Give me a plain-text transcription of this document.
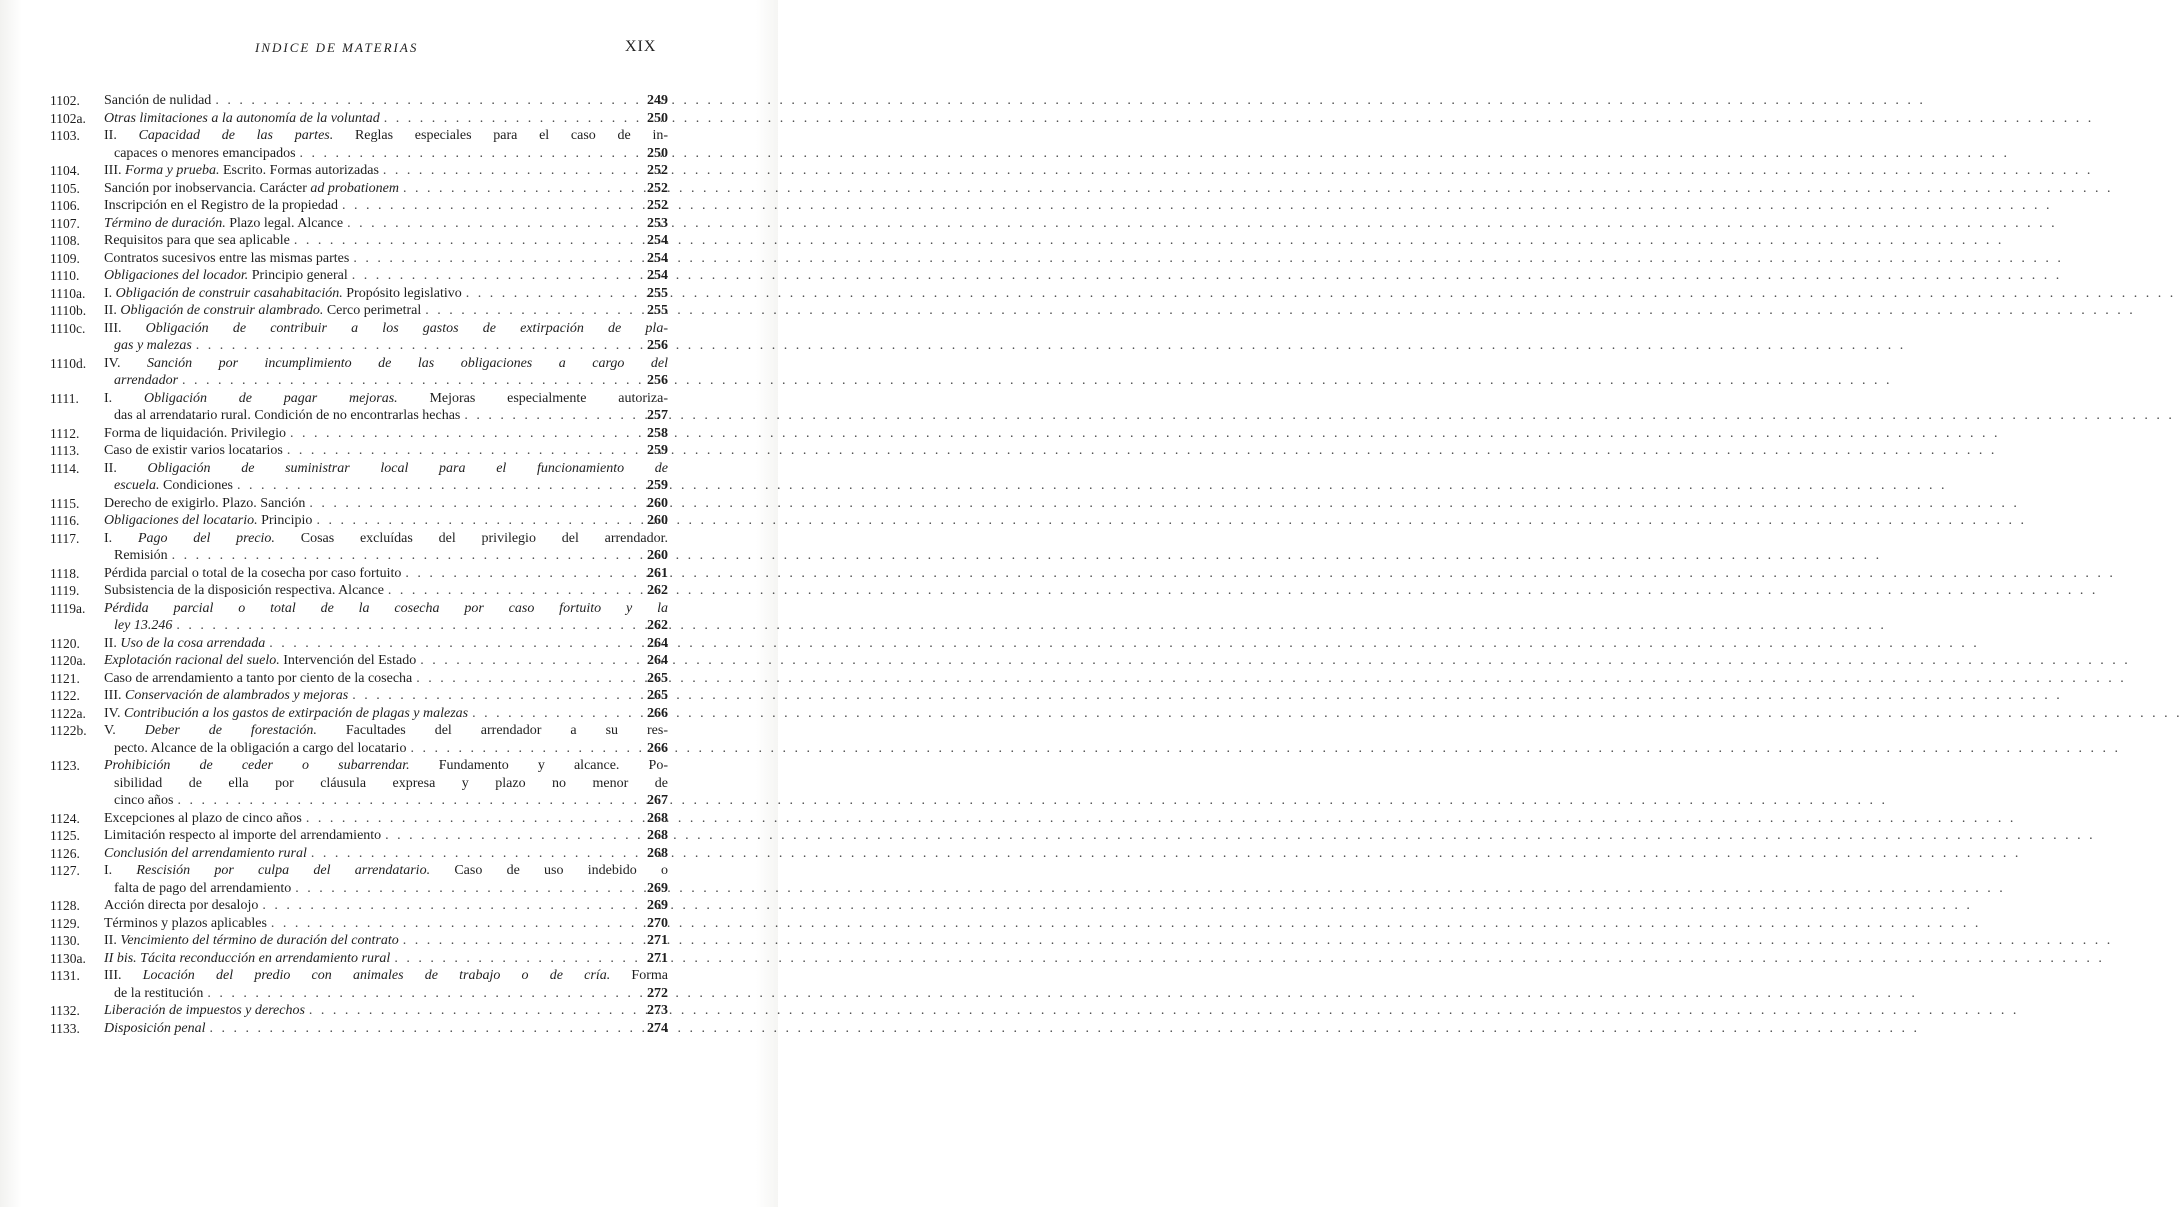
INDICE DE MATERIAS	XIX
1102.	Sanción de nulidad . . .	249
1102a.	Otras limitaciones a la autonomía de la voluntad . . .	250
1103.	II. Capacidad de las partes. Reglas especiales para el caso de in-
capaces o menores emancipados . . .	250
1104.	III. Forma y prueba. Escrito. Formas autorizadas . . .	252
1105.	Sanción por inobservancia. Carácter ad probationem . . .	252
1106.	Inscripción en el Registro de la propiedad . . .	252
1107.	Término de duración. Plazo legal. Alcance . . .	253
1108.	Requisitos para que sea aplicable . . .	254
1109.	Contratos sucesivos entre las mismas partes . . .	254
1110.	Obligaciones del locador. Principio general . . .	254
1110a.	I. Obligación de construir casahabitación. Propósito legislativo . . .	255
1110b.	II. Obligación de construir alambrado. Cerco perimetral . . .	255
1110c.	III. Obligación de contribuir a los gastos de extirpación de pla-
gas y malezas . . .	256
1110d.	IV. Sanción por incumplimiento de las obligaciones a cargo del
arrendador . . .	256
1111.	I. Obligación de pagar mejoras. Mejoras especialmente autoriza-
das al arrendatario rural. Condición de no encontrarlas hechas . . .	257
1112.	Forma de liquidación. Privilegio . . .	258
1113.	Caso de existir varios locatarios . . .	259
1114.	II. Obligación de suministrar local para el funcionamiento de
escuela. Condiciones . . .	259
1115.	Derecho de exigirlo. Plazo. Sanción . . .	260
1116.	Obligaciones del locatario. Principio . . .	260
1117.	I. Pago del precio. Cosas excluídas del privilegio del arrendador.
Remisión . . .	260
1118.	Pérdida parcial o total de la cosecha por caso fortuito . . .	261
1119.	Subsistencia de la disposición respectiva. Alcance . . .	262
1119a.	Pérdida parcial o total de la cosecha por caso fortuito y la
ley 13.246 . . .	262
1120.	II. Uso de la cosa arrendada . . .	264
1120a.	Explotación racional del suelo. Intervención del Estado . . .	264
1121.	Caso de arrendamiento a tanto por ciento de la cosecha . . .	265
1122.	III. Conservación de alambrados y mejoras . . .	265
1122a.	IV. Contribución a los gastos de extirpación de plagas y malezas . . .	266
1122b.	V. Deber de forestación. Facultades del arrendador a su res-
pecto. Alcance de la obligación a cargo del locatario . . .	266
1123.	Prohibición de ceder o subarrendar. Fundamento y alcance. Po-
sibilidad de ella por cláusula expresa y plazo no menor de
cinco años . . .	267
1124.	Excepciones al plazo de cinco años . . .	268
1125.	Limitación respecto al importe del arrendamiento . . .	268
1126.	Conclusión del arrendamiento rural . . .	268
1127.	I. Rescisión por culpa del arrendatario. Caso de uso indebido o
falta de pago del arrendamiento . . .	269
1128.	Acción directa por desalojo . . .	269
1129.	Términos y plazos aplicables . . .	270
1130.	II. Vencimiento del término de duración del contrato . . .	271
1130a.	II bis. Tácita reconducción en arrendamiento rural . . .	271
1131.	III. Locación del predio con animales de trabajo o de cría. Forma
de la restitución . . .	272
1132.	Liberación de impuestos y derechos . . .	273
1133.	Disposición penal . . .	274
